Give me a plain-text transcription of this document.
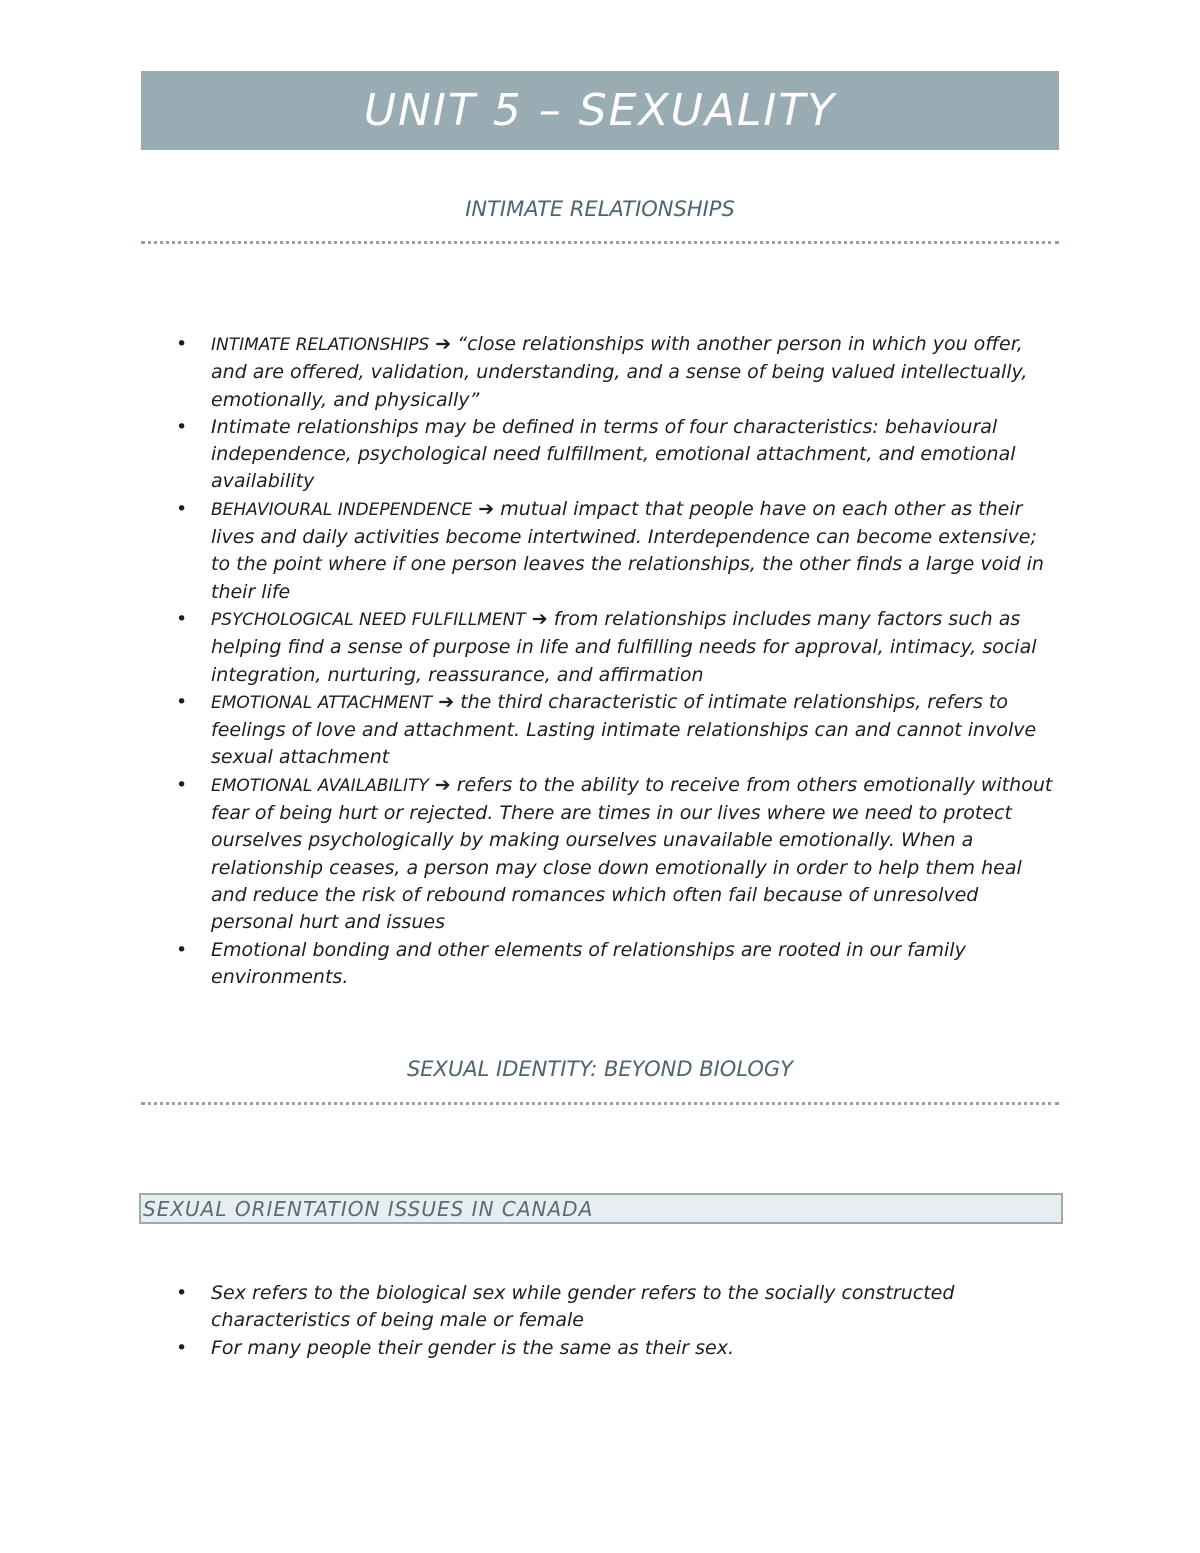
UNIT 5 – SEXUALITY
INTIMATE RELATIONSHIPS
• INTIMATE RELATIONSHIPS ➔ “close relationships with another person in which you offer, and are offered, validation, understanding, and a sense of being valued intellectually, emotionally, and physically”
• Intimate relationships may be defined in terms of four characteristics: behavioural independence, psychological need fulfillment, emotional attachment, and emotional availability
• BEHAVIOURAL INDEPENDENCE ➔ mutual impact that people have on each other as their lives and daily activities become intertwined. Interdependence can become extensive; to the point where if one person leaves the relationships, the other finds a large void in their life
• PSYCHOLOGICAL NEED FULFILLMENT ➔ from relationships includes many factors such as helping find a sense of purpose in life and fulfilling needs for approval, intimacy, social integration, nurturing, reassurance, and affirmation
• EMOTIONAL ATTACHMENT ➔ the third characteristic of intimate relationships, refers to feelings of love and attachment. Lasting intimate relationships can and cannot involve sexual attachment
• EMOTIONAL AVAILABILITY ➔ refers to the ability to receive from others emotionally without fear of being hurt or rejected. There are times in our lives where we need to protect ourselves psychologically by making ourselves unavailable emotionally. When a relationship ceases, a person may close down emotionally in order to help them heal and reduce the risk of rebound romances which often fail because of unresolved personal hurt and issues
• Emotional bonding and other elements of relationships are rooted in our family environments.
SEXUAL IDENTITY: BEYOND BIOLOGY
SEXUAL ORIENTATION ISSUES IN CANADA
• Sex refers to the biological sex while gender refers to the socially constructed characteristics of being male or female
• For many people their gender is the same as their sex.
